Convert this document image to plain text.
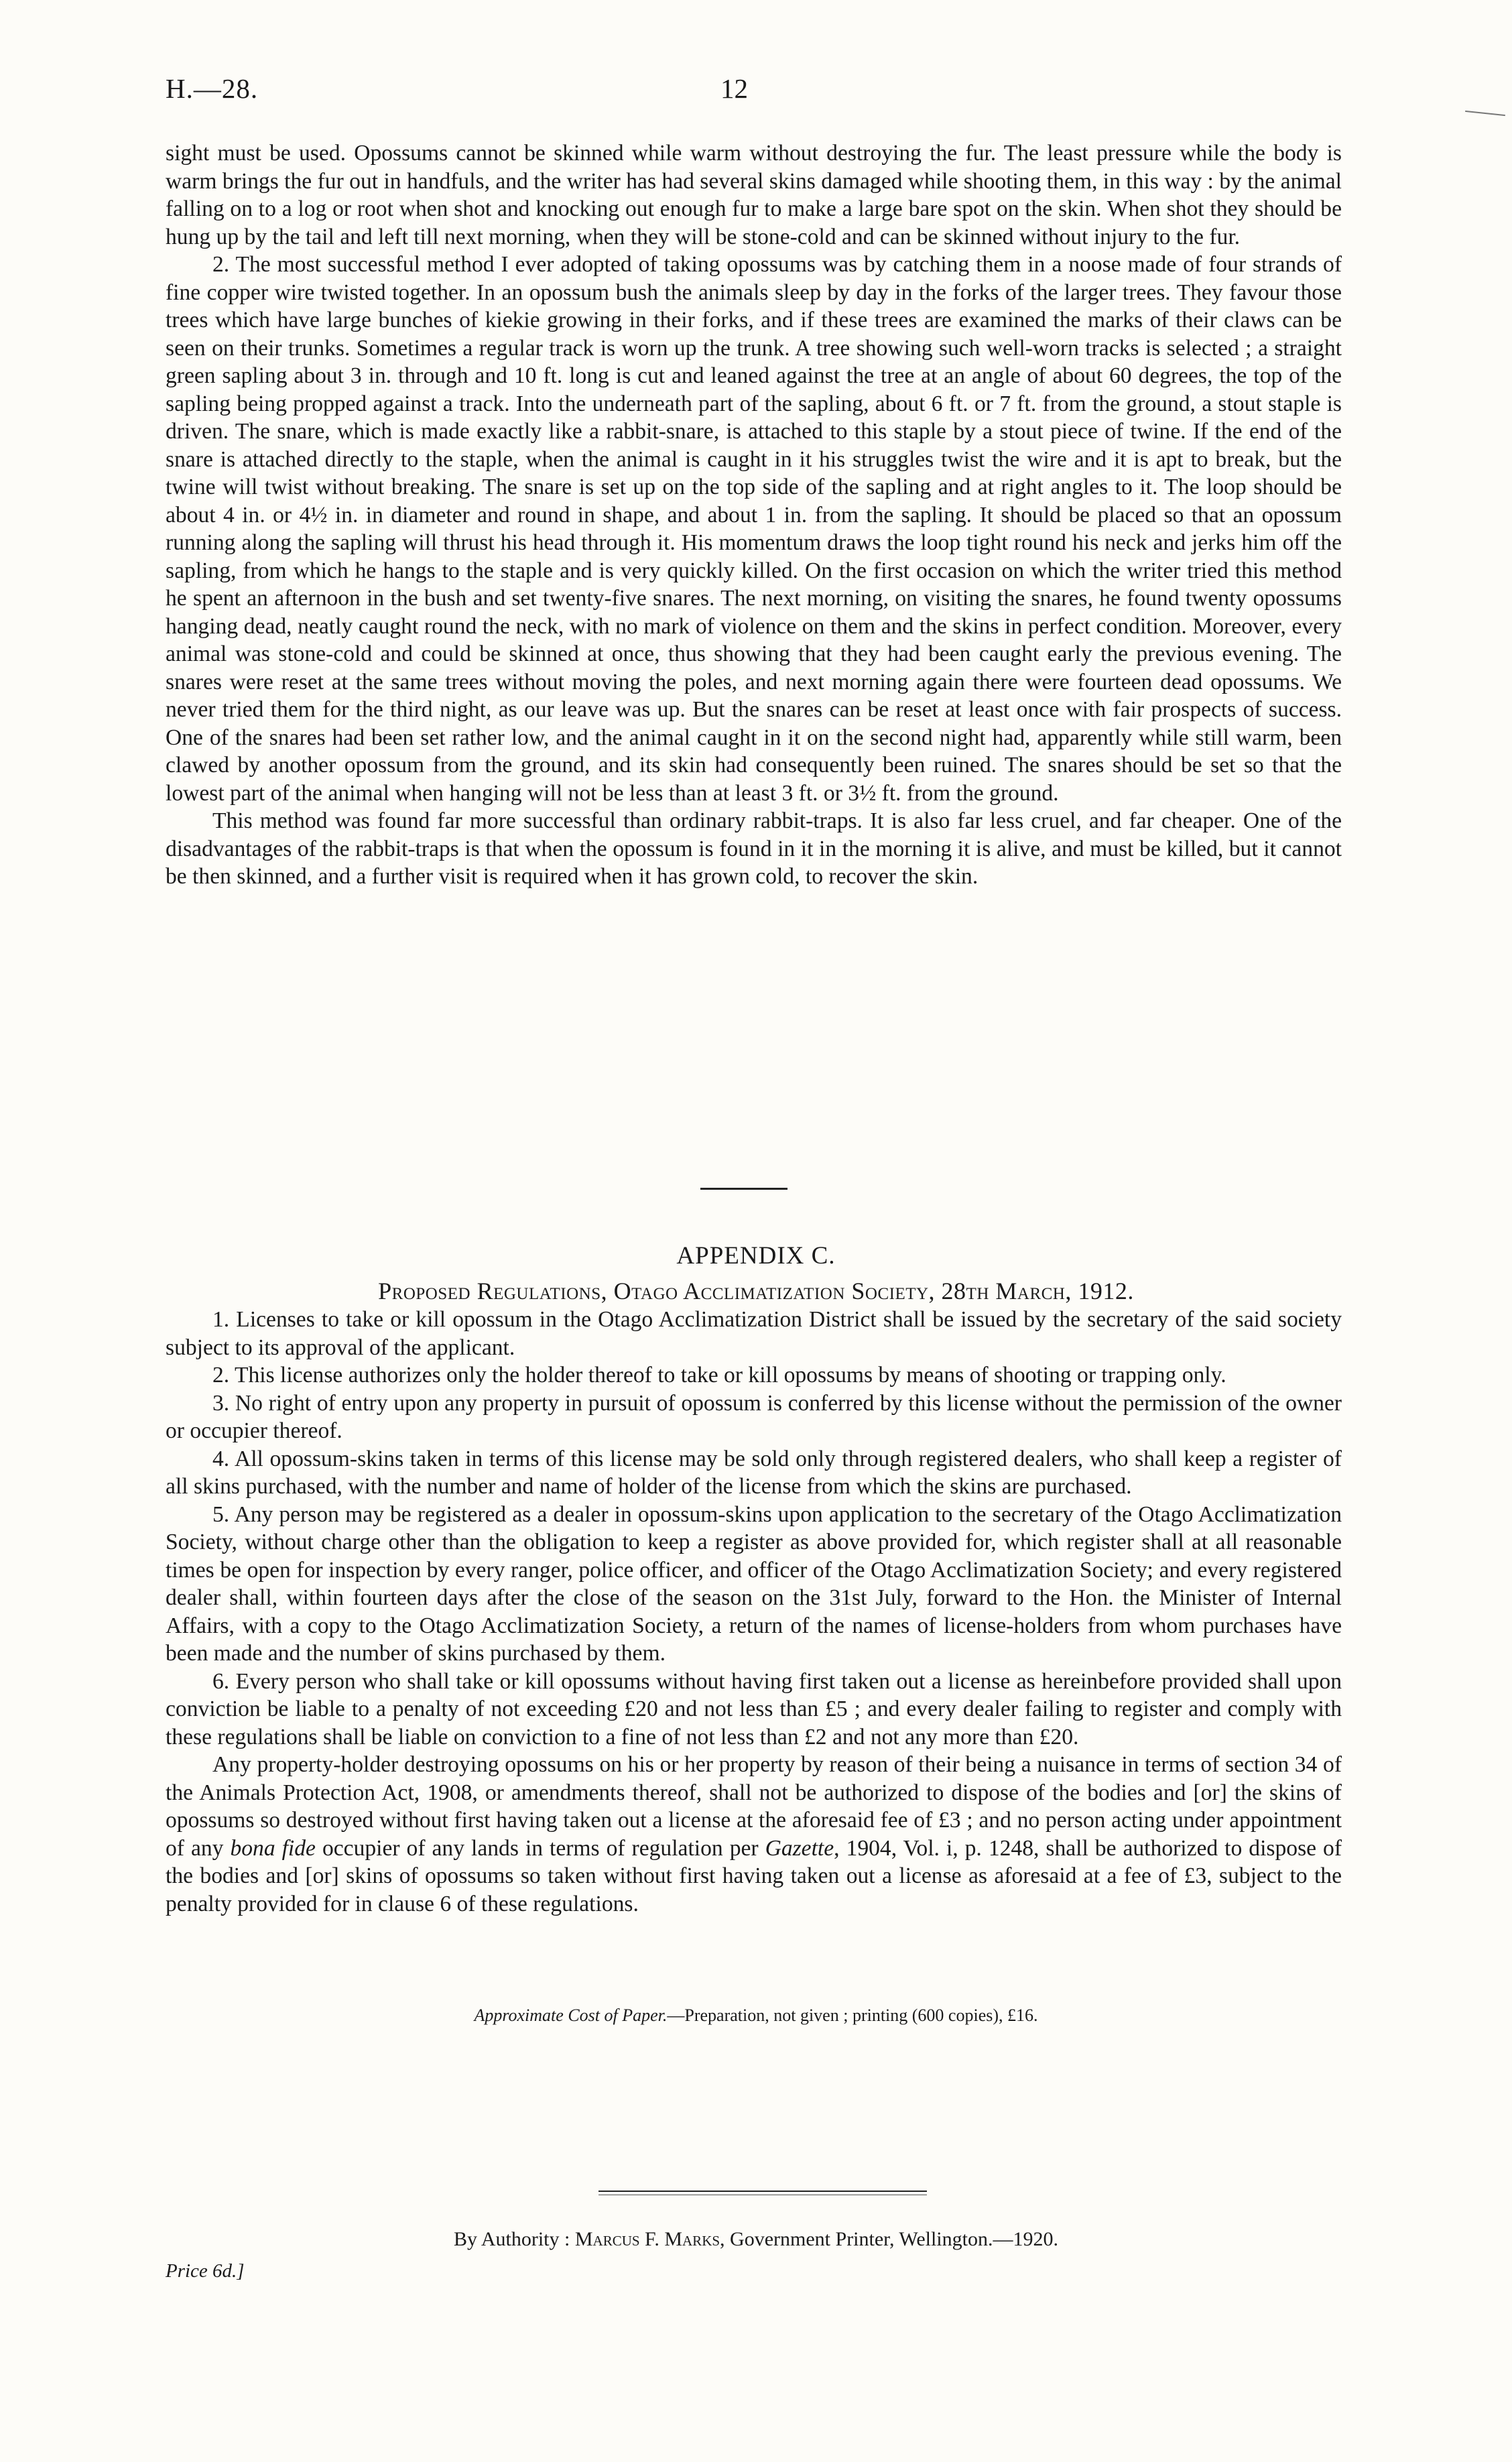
H.—28.	12

sight must be used. Opossums cannot be skinned while warm without destroying the fur. The least pressure while the body is warm brings the fur out in handfuls, and the writer has had several skins damaged while shooting them, in this way : by the animal falling on to a log or root when shot and knocking out enough fur to make a large bare spot on the skin. When shot they should be hung up by the tail and left till next morning, when they will be stone-cold and can be skinned without injury to the fur.

2. The most successful method I ever adopted of taking opossums was by catching them in a noose made of four strands of fine copper wire twisted together. In an opossum bush the animals sleep by day in the forks of the larger trees. They favour those trees which have large bunches of kiekie growing in their forks, and if these trees are examined the marks of their claws can be seen on their trunks. Sometimes a regular track is worn up the trunk. A tree showing such well-worn tracks is selected ; a straight green sapling about 3 in. through and 10 ft. long is cut and leaned against the tree at an angle of about 60 degrees, the top of the sapling being propped against a track. Into the underneath part of the sapling, about 6 ft. or 7 ft. from the ground, a stout staple is driven. The snare, which is made exactly like a rabbit-snare, is attached to this staple by a stout piece of twine. If the end of the snare is attached directly to the staple, when the animal is caught in it his struggles twist the wire and it is apt to break, but the twine will twist without breaking. The snare is set up on the top side of the sapling and at right angles to it. The loop should be about 4 in. or 4½ in. in diameter and round in shape, and about 1 in. from the sapling. It should be placed so that an opossum running along the sapling will thrust his head through it. His momentum draws the loop tight round his neck and jerks him off the sapling, from which he hangs to the staple and is very quickly killed. On the first occasion on which the writer tried this method he spent an afternoon in the bush and set twenty-five snares. The next morning, on visiting the snares, he found twenty opossums hanging dead, neatly caught round the neck, with no mark of violence on them and the skins in perfect condition. Moreover, every animal was stone-cold and could be skinned at once, thus showing that they had been caught early the previous evening. The snares were reset at the same trees without moving the poles, and next morning again there were fourteen dead opossums. We never tried them for the third night, as our leave was up. But the snares can be reset at least once with fair prospects of success. One of the snares had been set rather low, and the animal caught in it on the second night had, apparently while still warm, been clawed by another opossum from the ground, and its skin had consequently been ruined. The snares should be set so that the lowest part of the animal when hanging will not be less than at least 3 ft. or 3½ ft. from the ground.

This method was found far more successful than ordinary rabbit-traps. It is also far less cruel, and far cheaper. One of the disadvantages of the rabbit-traps is that when the opossum is found in it in the morning it is alive, and must be killed, but it cannot be then skinned, and a further visit is required when it has grown cold, to recover the skin.

APPENDIX C.
Proposed Regulations, Otago Acclimatization Society, 28th March, 1912.

1. Licenses to take or kill opossum in the Otago Acclimatization District shall be issued by the secretary of the said society subject to its approval of the applicant.

2. This license authorizes only the holder thereof to take or kill opossums by means of shooting or trapping only.

3. No right of entry upon any property in pursuit of opossum is conferred by this license without the permission of the owner or occupier thereof.

4. All opossum-skins taken in terms of this license may be sold only through registered dealers, who shall keep a register of all skins purchased, with the number and name of holder of the license from which the skins are purchased.

5. Any person may be registered as a dealer in opossum-skins upon application to the secretary of the Otago Acclimatization Society, without charge other than the obligation to keep a register as above provided for, which register shall at all reasonable times be open for inspection by every ranger, police officer, and officer of the Otago Acclimatization Society; and every registered dealer shall, within fourteen days after the close of the season on the 31st July, forward to the Hon. the Minister of Internal Affairs, with a copy to the Otago Acclimatization Society, a return of the names of license-holders from whom purchases have been made and the number of skins purchased by them.

6. Every person who shall take or kill opossums without having first taken out a license as hereinbefore provided shall upon conviction be liable to a penalty of not exceeding £20 and not less than £5 ; and every dealer failing to register and comply with these regulations shall be liable on conviction to a fine of not less than £2 and not any more than £20.

Any property-holder destroying opossums on his or her property by reason of their being a nuisance in terms of section 34 of the Animals Protection Act, 1908, or amendments thereof, shall not be authorized to dispose of the bodies and [or] the skins of opossums so destroyed without first having taken out a license at the aforesaid fee of £3 ; and no person acting under appointment of any bona fide occupier of any lands in terms of regulation per Gazette, 1904, Vol. i, p. 1248, shall be authorized to dispose of the bodies and [or] skins of opossums so taken without first having taken out a license as aforesaid at a fee of £3, subject to the penalty provided for in clause 6 of these regulations.

Approximate Cost of Paper.—Preparation, not given ; printing (600 copies), £16.
By Authority : Marcus F. Marks, Government Printer, Wellington.—1920.
Price 6d.]
